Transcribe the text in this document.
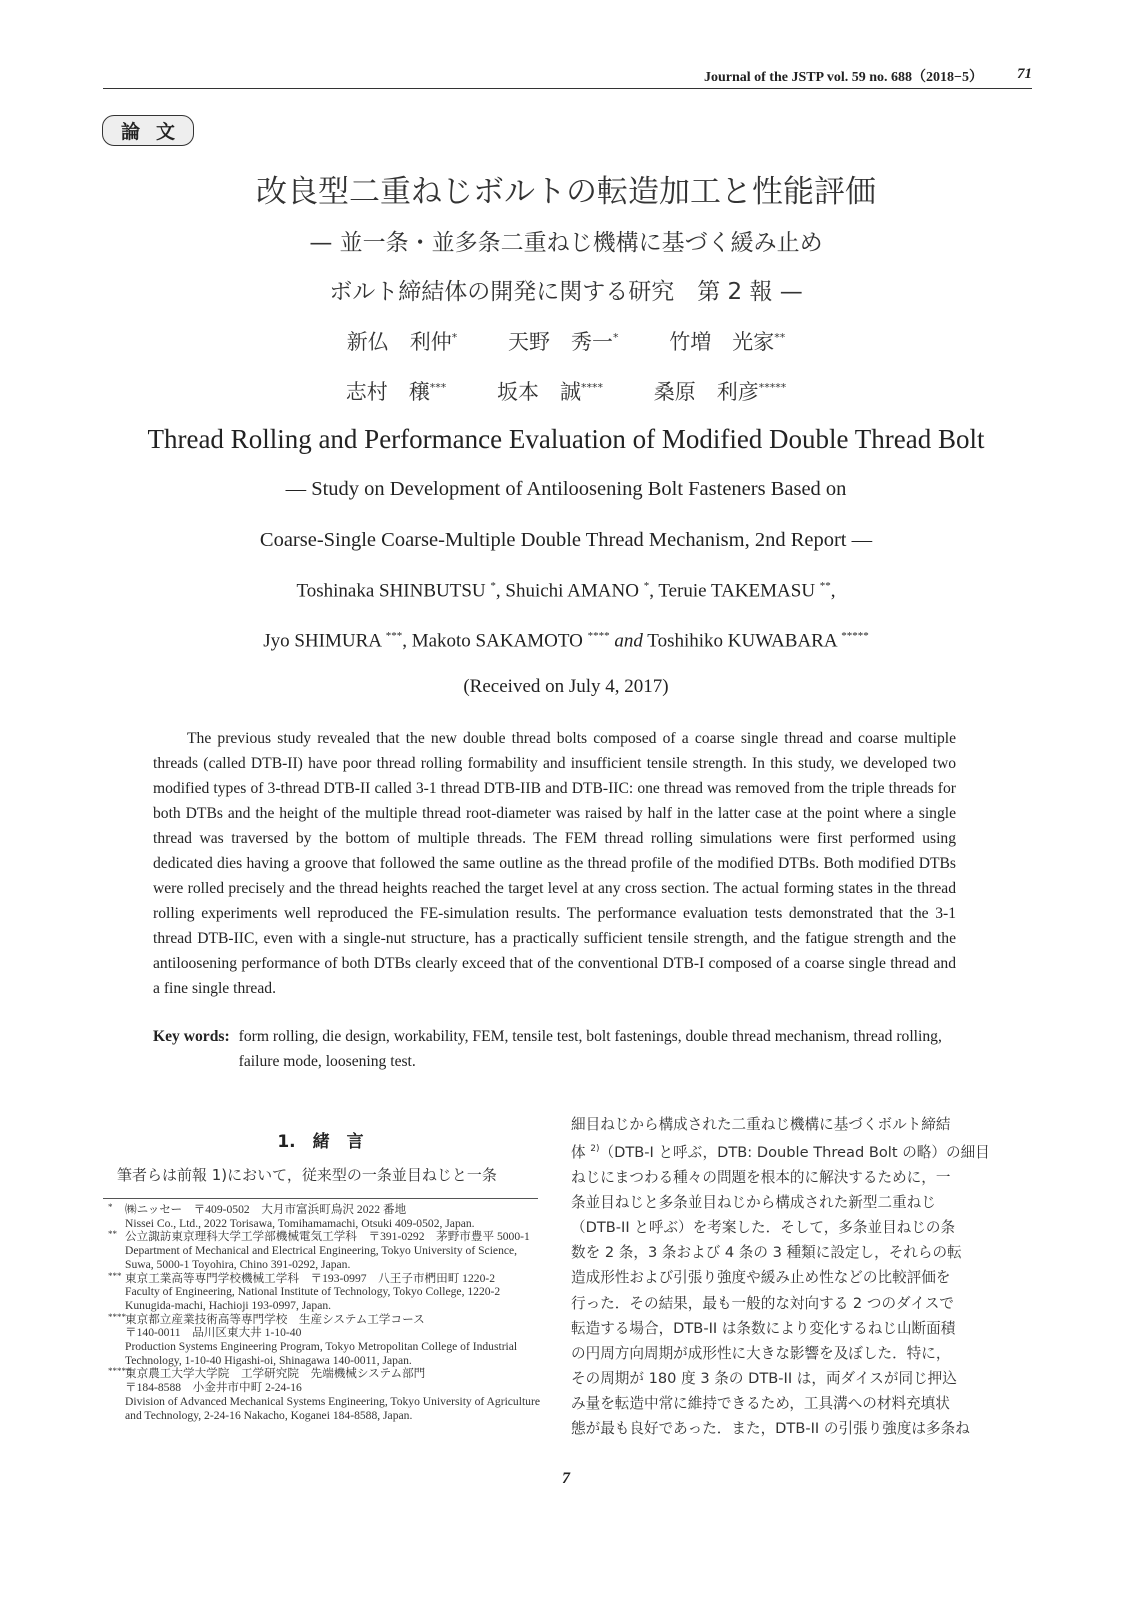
Journal of the JSTP vol. 59 no. 688（2018−5） 71
論文
改良型二重ねじボルトの転造加工と性能評価
— 並一条・並多条二重ねじ機構に基づく緩み止め
ボルト締結体の開発に関する研究　第 2 報 —
新仏　利仲* 天野　秀一* 竹増　光家**
志村　穣*** 坂本　誠**** 桑原　利彦*****
Thread Rolling and Performance Evaluation of Modified Double Thread Bolt
— Study on Development of Antiloosening Bolt Fasteners Based on
Coarse-Single Coarse-Multiple Double Thread Mechanism, 2nd Report —
Toshinaka SHINBUTSU *, Shuichi AMANO *, Teruie TAKEMASU **,
Jyo SHIMURA ***, Makoto SAKAMOTO **** and Toshihiko KUWABARA *****
(Received on July 4, 2017)

The previous study revealed that the new double thread bolts composed of a coarse single thread and coarse multiple threads (called DTB-II) have poor thread rolling formability and insufficient tensile strength. In this study, we developed two modified types of 3-thread DTB-II called 3-1 thread DTB-IIB and DTB-IIC: one thread was removed from the triple threads for both DTBs and the height of the multiple thread root-diameter was raised by half in the latter case at the point where a single thread was traversed by the bottom of multiple threads. The FEM thread rolling simulations were first performed using dedicated dies having a groove that followed the same outline as the thread profile of the modified DTBs. Both modified DTBs were rolled precisely and the thread heights reached the target level at any cross section. The actual forming states in the thread rolling experiments well reproduced the FE-simulation results. The performance evaluation tests demonstrated that the 3-1 thread DTB-IIC, even with a single-nut structure, has a practically sufficient tensile strength, and the fatigue strength and the antiloosening performance of both DTBs clearly exceed that of the conventional DTB-I composed of a coarse single thread and a fine single thread.

Key words: form rolling, die design, workability, FEM, tensile test, bolt fastenings, double thread mechanism, thread rolling, failure mode, loosening test.
1.　緒　言
筆者らは前報 1)において，従来型の一条並目ねじと一条
* ㈱ニッセー　〒409-0502　大月市富浜町鳥沢 2022 番地
Nissei Co., Ltd., 2022 Torisawa, Tomihamamachi, Otsuki 409-0502, Japan.
** 公立諏訪東京理科大学工学部機械電気工学科　〒391-0292　茅野市豊平 5000-1
Department of Mechanical and Electrical Engineering, Tokyo University of Science, Suwa, 5000-1 Toyohira, Chino 391-0292, Japan.
*** 東京工業高等専門学校機械工学科　〒193-0997　八王子市椚田町 1220-2
Faculty of Engineering, National Institute of Technology, Tokyo College, 1220-2 Kunugida-machi, Hachioji 193-0997, Japan.
**** 東京都立産業技術高等専門学校　生産システム工学コース
〒140-0011　品川区東大井 1-10-40
Production Systems Engineering Program, Tokyo Metropolitan College of Industrial Technology, 1-10-40 Higashi-oi, Shinagawa 140-0011, Japan.
*****
東京農工大学大学院　工学研究院　先端機械システム部門
〒184-8588　小金井市中町 2-24-16
Division of Advanced Mechanical Systems Engineering, Tokyo University of Agriculture and Technology, 2-24-16 Nakacho, Koganei 184-8588, Japan.
細目ねじから構成された二重ねじ機構に基づくボルト締結
体 $^{2)}$（DTB-I と呼ぶ，DTB: Double Thread Bolt の略）の細目
ねじにまつわる種々の問題を根本的に解決するために，一
条並目ねじと多条並目ねじから構成された新型二重ねじ
（DTB-II と呼ぶ）を考案した．そして，多条並目ねじの条
数を 2 条，3 条および 4 条の 3 種類に設定し，それらの転
造成形性および引張り強度や緩み止め性などの比較評価を
行った．その結果，最も一般的な対向する 2 つのダイスで
転造する場合，DTB-II は条数により変化するねじ山断面積
の円周方向周期が成形性に大きな影響を及ぼした．特に，
その周期が 180 度 3 条の DTB-II は，両ダイスが同じ押込
み量を転造中常に維持できるため，工具溝への材料充填状
態が最も良好であった．また，DTB-II の引張り強度は多条ね
7
